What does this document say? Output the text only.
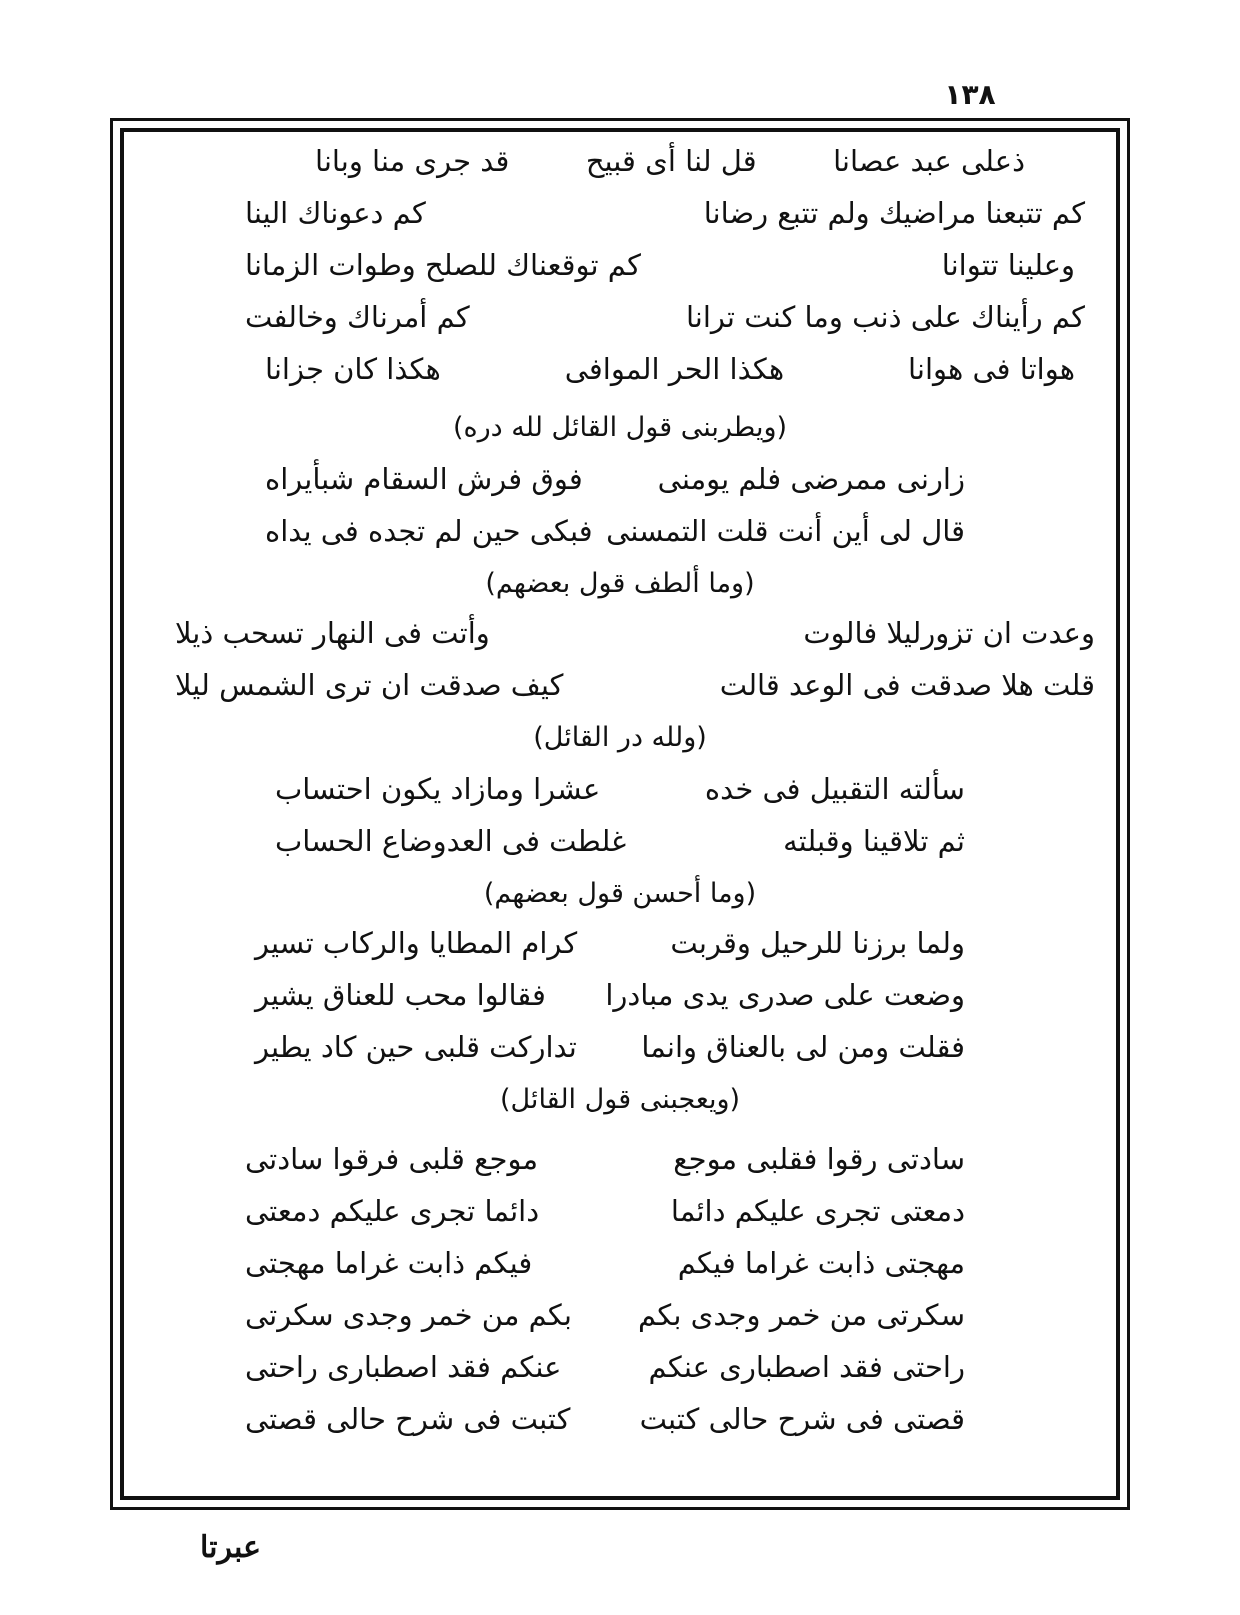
١٣٨
ذعلى عبد عصانا
قل لنا أى قبيح
قد جرى منا وبانا
كم تتبعنا مراضيك ولم تتبع رضانا
كم دعوناك الينا
وعلينا تتوانا
كم توقعناك للصلح وطوات الزمانا
كم رأيناك على ذنب وما كنت ترانا
كم أمرناك وخالفت
هواتا فى هوانا
هكذا الحر الموافى
هكذا كان جزانا
(ويطربنى قول القائل لله دره)
زارنى ممرضى فلم يومنى
فوق فرش السقام شبأيراه
قال لى أين أنت قلت التمسنى
فبكى حين لم تجده فى يداه
(وما ألطف قول بعضهم)
وعدت ان تزورليلا فالوت
وأتت فى النهار تسحب ذيلا
قلت هلا صدقت فى الوعد قالت
كيف صدقت ان ترى الشمس ليلا
(ولله در القائل)
سألته التقبيل فى خده
عشرا ومازاد يكون احتساب
ثم تلاقينا وقبلته
غلطت فى العدوضاع الحساب
(وما أحسن قول بعضهم)
ولما برزنا للرحيل وقربت
كرام المطايا والركاب تسير
وضعت على صدرى يدى مبادرا
فقالوا محب للعناق يشير
فقلت ومن لى بالعناق وانما
تداركت قلبى حين كاد يطير
(ويعجبنى قول القائل)
سادتى رقوا فقلبى موجع
موجع قلبى فرقوا سادتى
دمعتى تجرى عليكم دائما
دائما تجرى عليكم دمعتى
مهجتى ذابت غراما فيكم
فيكم ذابت غراما مهجتى
سكرتى من خمر وجدى بكم
بكم من خمر وجدى سكرتى
راحتى فقد اصطبارى عنكم
عنكم فقد اصطبارى راحتى
قصتى فى شرح حالى كتبت
كتبت فى شرح حالى قصتى
عبرتا
